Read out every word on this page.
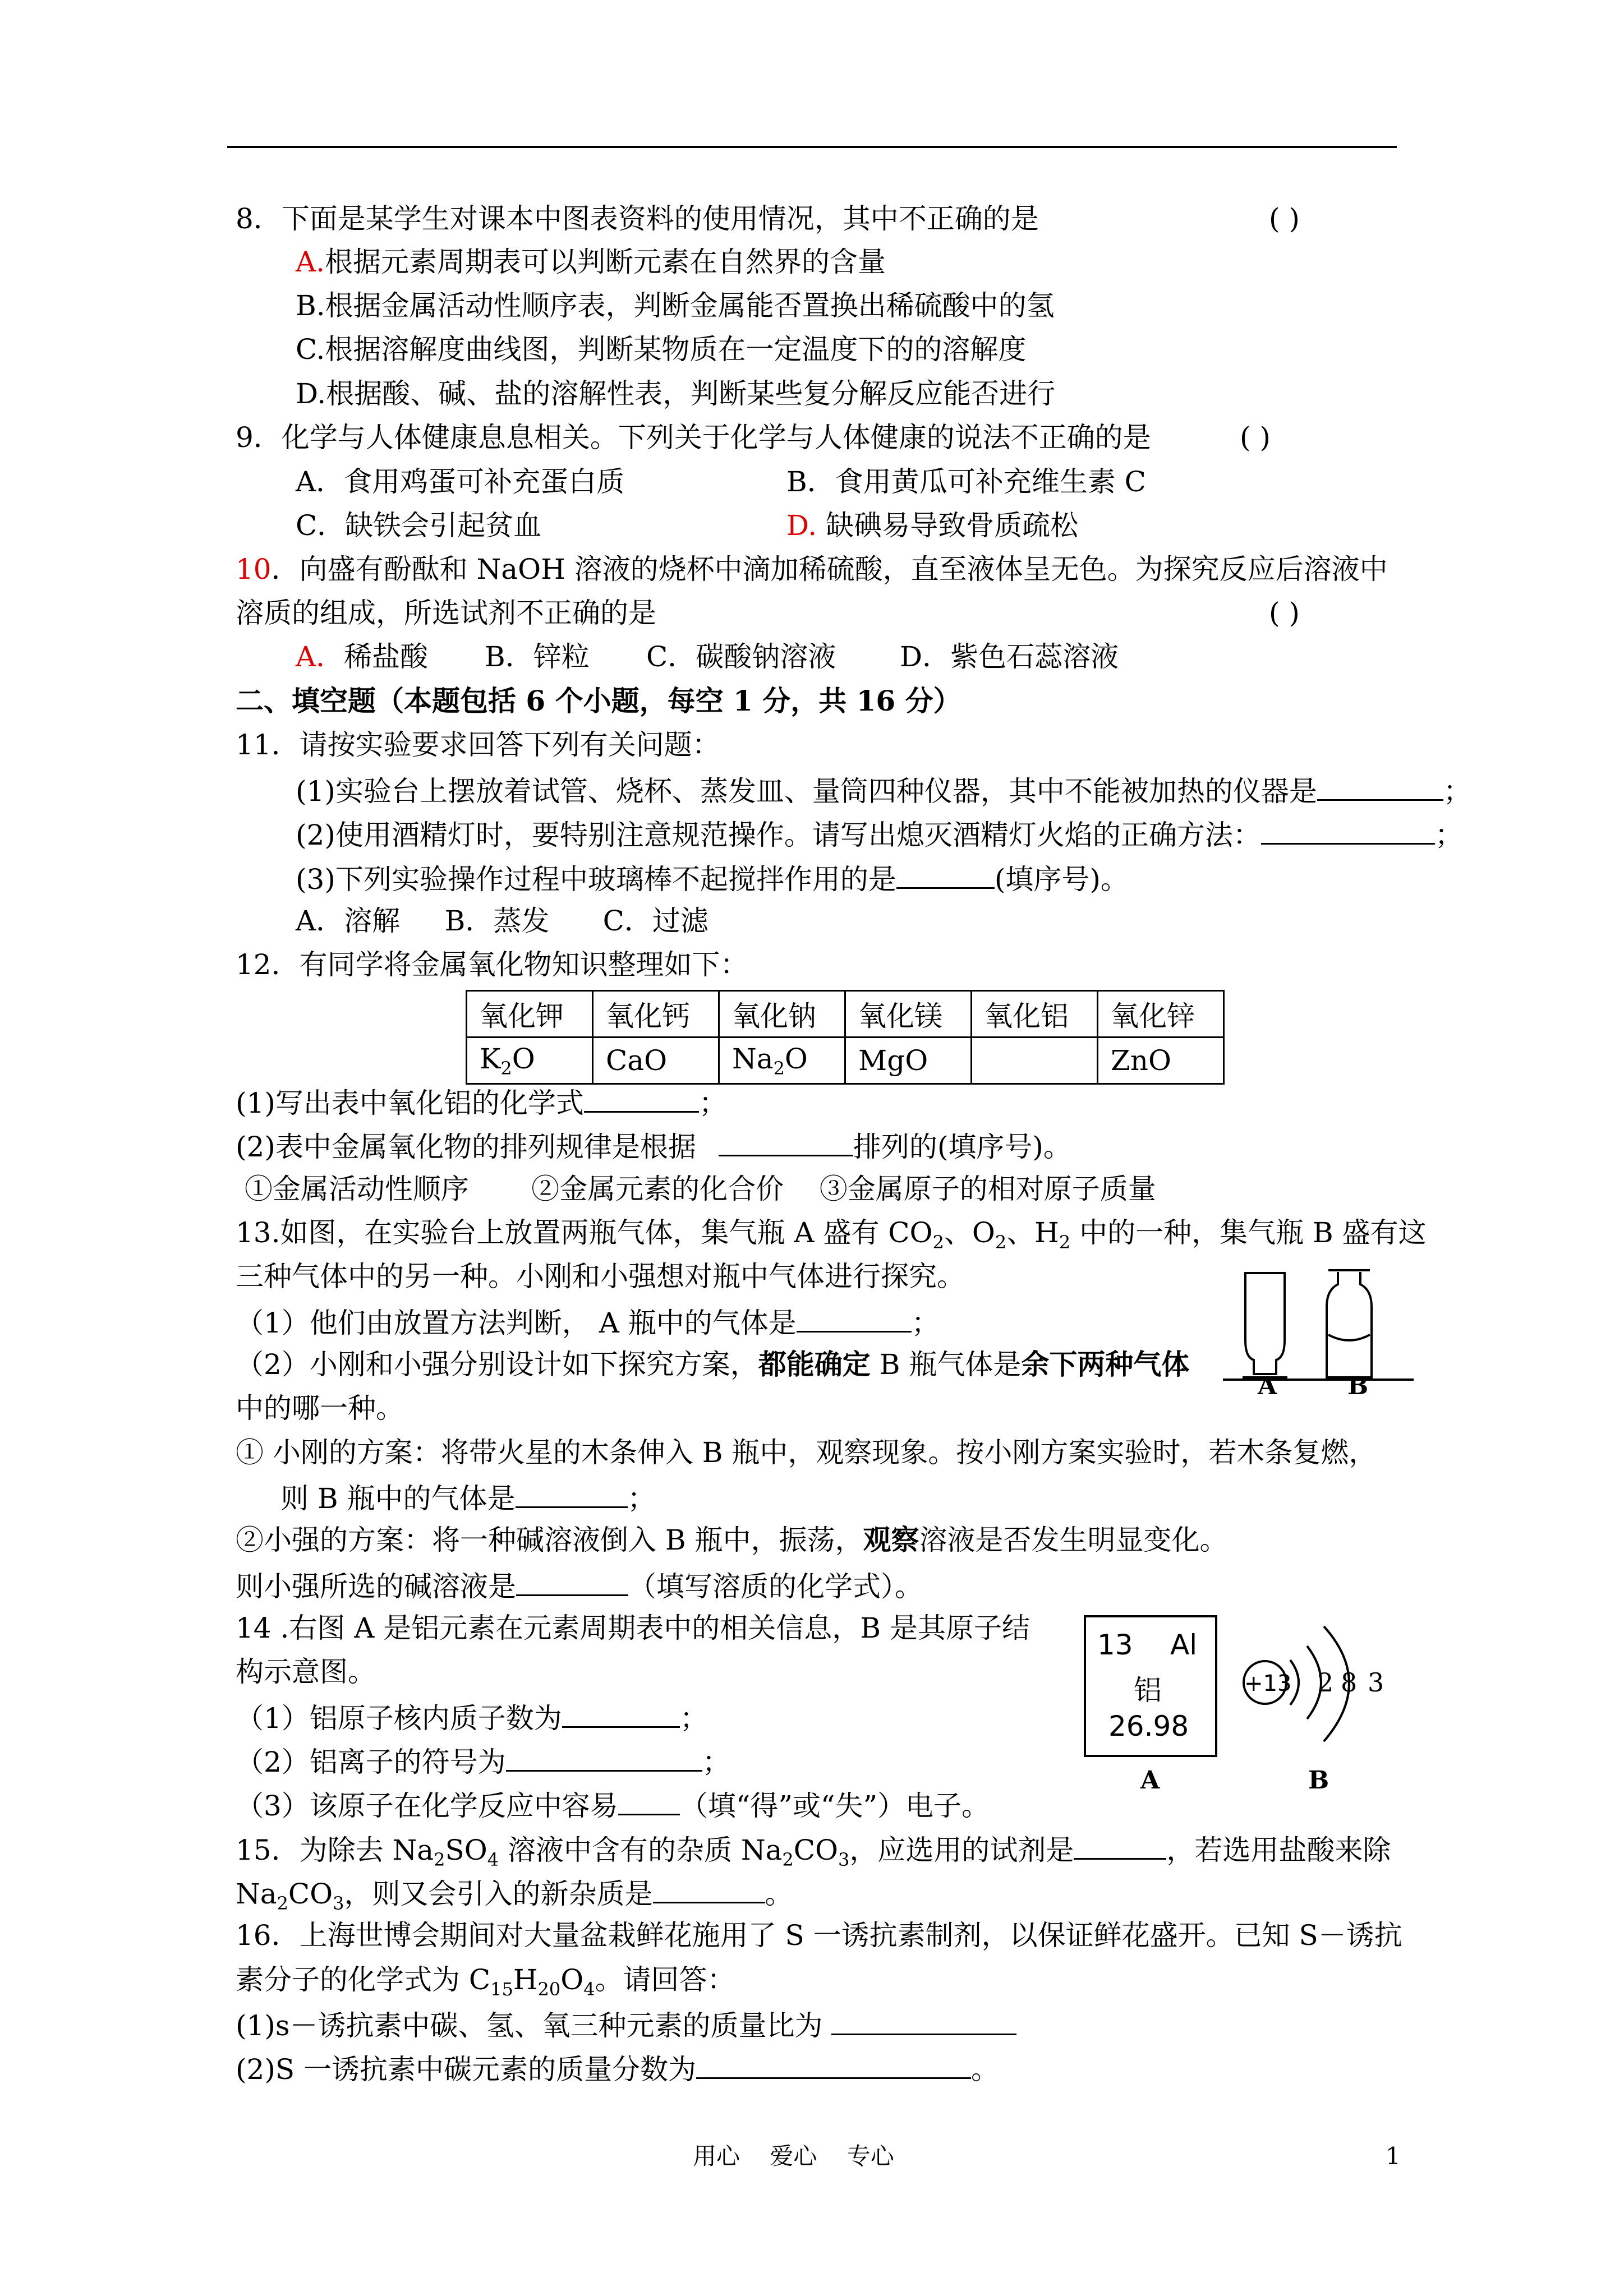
8．下面是某学生对课本中图表资料的使用情况，其中不正确的是	( )
A.根据元素周期表可以判断元素在自然界的含量
B.根据金属活动性顺序表，判断金属能否置换出稀硫酸中的氢
C.根据溶解度曲线图，判断某物质在一定温度下的的溶解度
D.根据酸、碱、盐的溶解性表，判断某些复分解反应能否进行
9．化学与人体健康息息相关。下列关于化学与人体健康的说法不正确的是	( )
A．食用鸡蛋可补充蛋白质	B．食用黄瓜可补充维生素 C
C．缺铁会引起贫血	D. 缺碘易导致骨质疏松
10．向盛有酚酞和 NaOH 溶液的烧杯中滴加稀硫酸，直至液体呈无色。为探究反应后溶液中
溶质的组成，所选试剂不正确的是	( )
A．稀盐酸 B．锌粒 C．碳酸钠溶液 D．紫色石蕊溶液
二、填空题（本题包括 6 个小题，每空 1 分，共 16 分）
11．请按实验要求回答下列有关问题：
(1)实验台上摆放着试管、烧杯、蒸发皿、量筒四种仪器，其中不能被加热的仪器是	；
(2)使用酒精灯时，要特别注意规范操作。请写出熄灭酒精灯火焰的正确方法：	；
(3)下列实验操作过程中玻璃棒不起搅拌作用的是	(填序号)。
A．溶解     B．蒸发      C．过滤
12．有同学将金属氧化物知识整理如下：
氧化钾	氧化钙	氧化钠	氧化镁	氧化铝	氧化锌
$K_2O$	CaO	$Na_2O$	MgO		ZnO
(1)写出表中氧化铝的化学式	；
(2)表中金属氧化物的排列规律是根据	排列的(填序号)。
①金属活动性顺序       ②金属元素的化合价    ③金属原子的相对原子质量
13.如图，在实验台上放置两瓶气体，集气瓶 A 盛有 $CO_2$、$O_2$、$H_2$ 中的一种，集气瓶 B 盛有这
三种气体中的另一种。小刚和小强想对瓶中气体进行探究。
（1）他们由放置方法判断， A 瓶中的气体是	；
（2）小刚和小强分别设计如下探究方案，都能确定 B 瓶气体是余下两种气体
中的哪一种。
① 小刚的方案：将带火星的木条伸入 B 瓶中，观察现象。按小刚方案实验时，若木条复燃，
则 B 瓶中的气体是	；
②小强的方案：将一种碱溶液倒入 B 瓶中，振荡，观察溶液是否发生明显变化。
则小强所选的碱溶液是	（填写溶质的化学式）。
A	B
14 .右图 A 是铝元素在元素周期表中的相关信息，B 是其原子结
构示意图。
（1）铝原子核内质子数为	；
（2）铝离子的符号为	；
（3）该原子在化学反应中容易 （填“得”或“失”）电子。
13 Al
铝
26.98
A
+13 2 8 3
B
15．为除去 $Na_2SO_4$ 溶液中含有的杂质 $Na_2CO_3$，应选用的试剂是	，若选用盐酸来除
$Na_2CO_3$，则又会引入的新杂质是	。
16．上海世博会期间对大量盆栽鲜花施用了 S 一诱抗素制剂，以保证鲜花盛开。已知 S－诱抗
素分子的化学式为 $C_{15}H_{20}O_4$。请回答：
(1)s－诱抗素中碳、氢、氧三种元素的质量比为
(2)S 一诱抗素中碳元素的质量分数为	。
用心    爱心    专心	1
